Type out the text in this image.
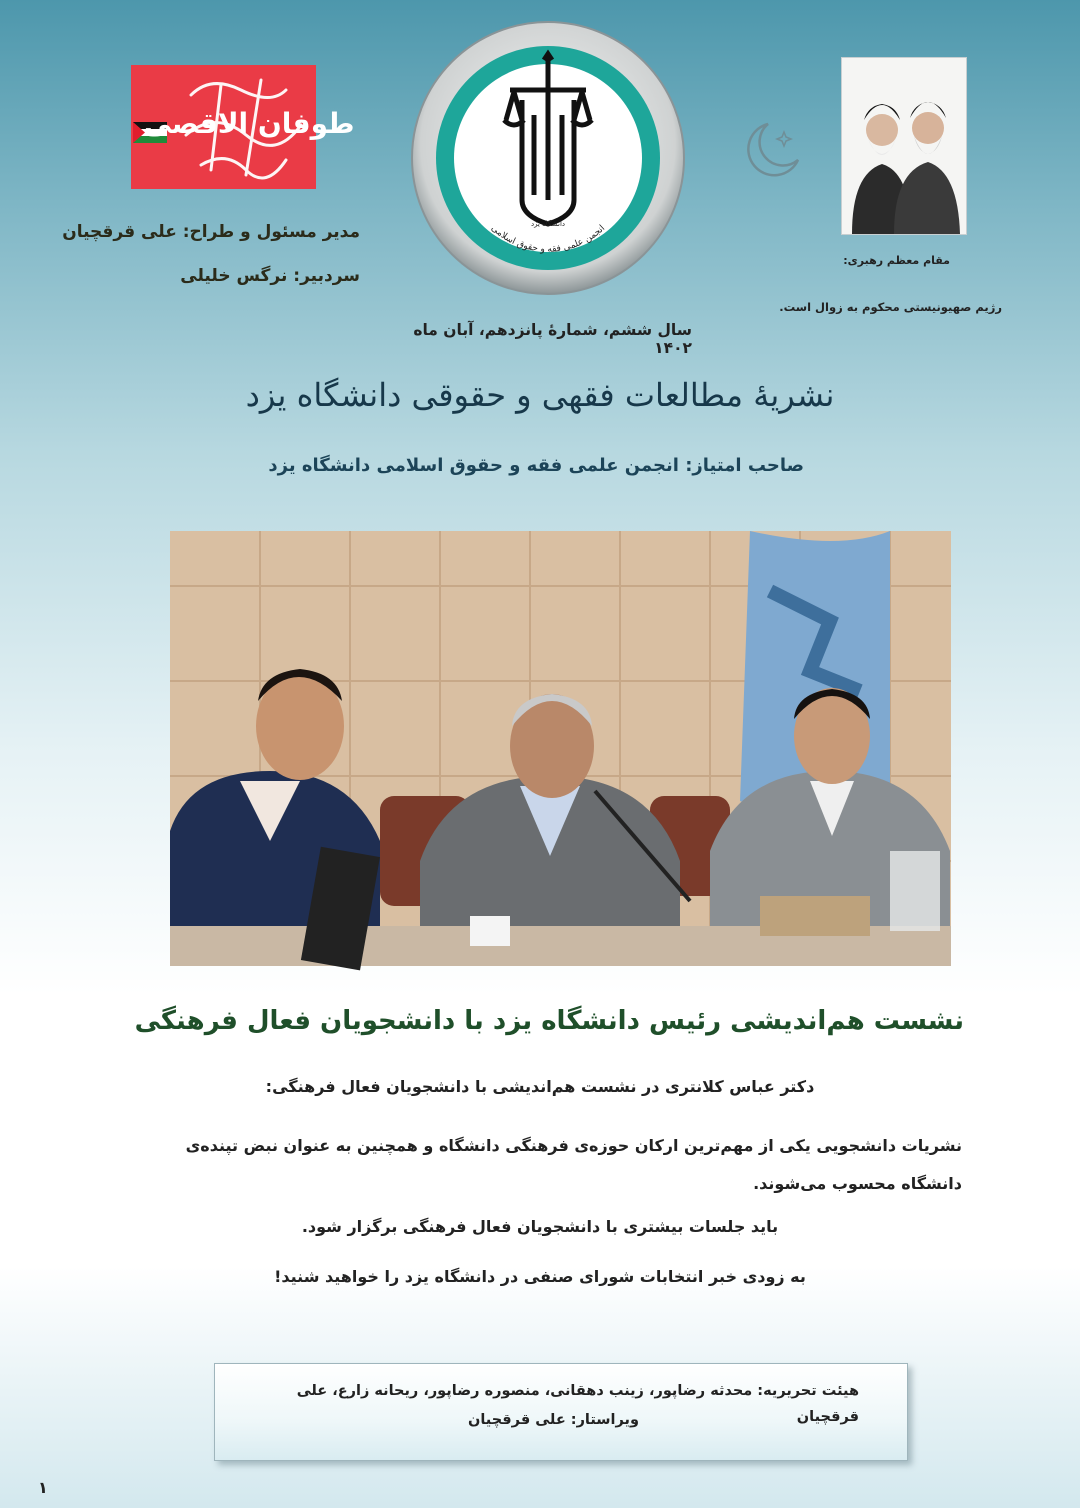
طوفان الاقصی
مدیر مسئول و طراح: علی قرقچیان
سردبیر: نرگس خلیلی
انجمن علمی فقه و حقوق اسلامی
دانشگاه یزد
مقام معظم رهبری:
رژیم صهیونیستی محکوم به زوال است.
سال ششم، شمارۀ پانزدهم، آبان ماه ۱۴۰۲
نشریۀ مطالعات فقهی و حقوقی دانشگاه یزد
صاحب امتیاز: انجمن علمی فقه و حقوق اسلامی دانشگاه یزد
نشست هم‌اندیشی رئیس دانشگاه یزد با دانشجویان فعال فرهنگی
دکتر عباس کلانتری در نشست هم‌اندیشی با دانشجویان فعال فرهنگی:
نشریات دانشجویی یکی از مهم‌ترین ارکان حوزه‌ی فرهنگی دانشگاه و همچنین به عنوان نبض تپنده‌ی دانشگاه محسوب می‌شوند.
باید جلسات بیشتری با دانشجویان فعال فرهنگی برگزار شود.
به زودی خبر انتخابات شورای صنفی در دانشگاه یزد را خواهید شنید!
هیئت تحریریه: محدثه رضاپور، زینب دهقانی، منصوره رضاپور، ریحانه زارع، علی قرقچیان
ویراستار: علی قرقچیان
۱
